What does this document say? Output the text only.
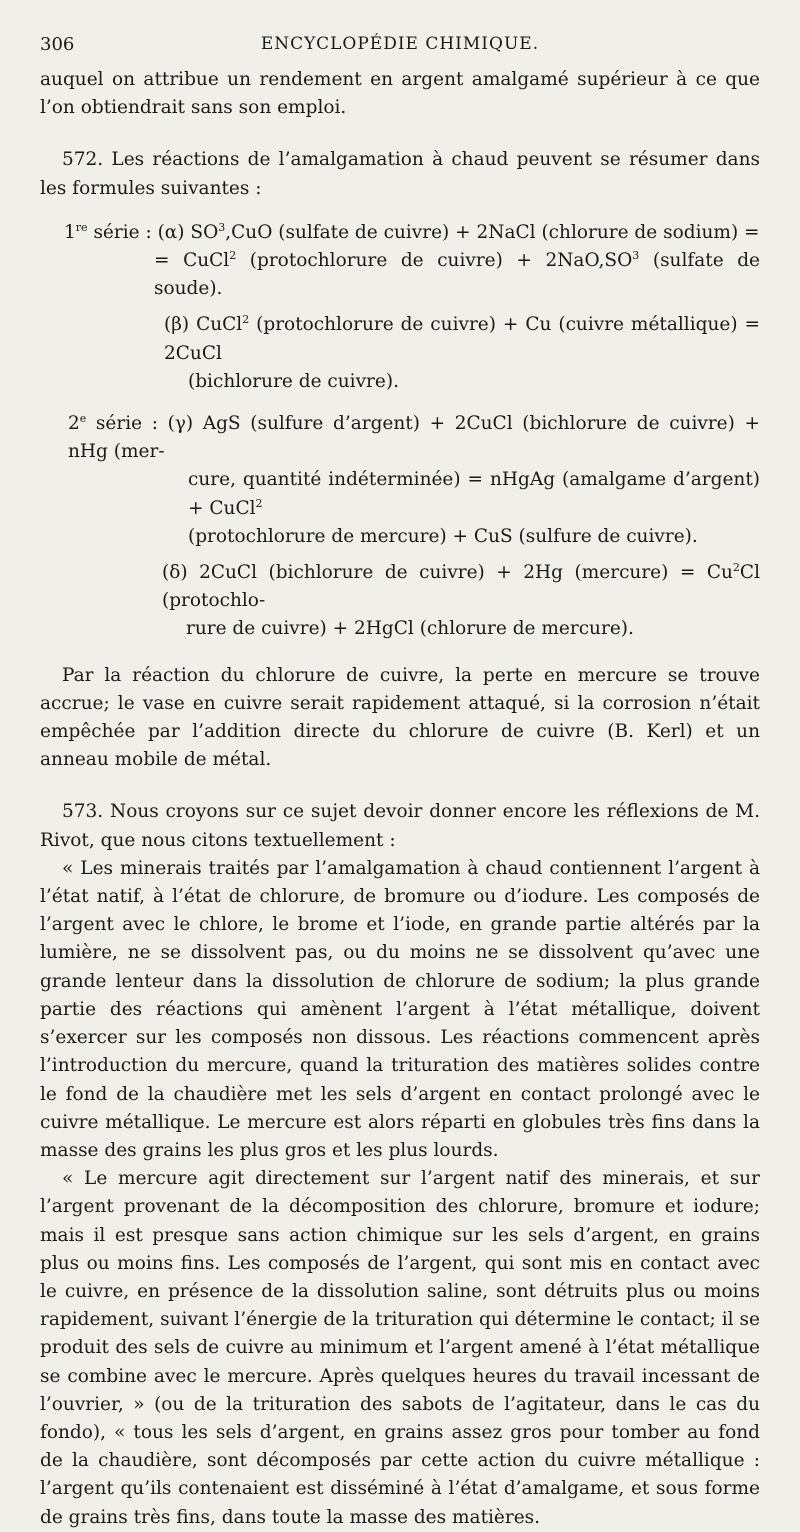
306	ENCYCLOPÉDIE CHIMIQUE.

auquel on attribue un rendement en argent amalgamé supérieur à ce que l’on obtiendrait sans son emploi.

572. Les réactions de l’amalgamation à chaud peuvent se résumer dans les formules suivantes :

1re série : (α) $SO^3,CuO$ (sulfate de cuivre) + 2NaCl (chlorure de sodium) =

= CuCl$^2$ (protochlorure de cuivre) + $2NaO,SO^3$ (sulfate de soude).

(β) CuCl$^2$ (protochlorure de cuivre) + Cu (cuivre métallique) = 2CuCl

(bichlorure de cuivre).

2e série : (γ) AgS (sulfure d’argent) + 2CuCl (bichlorure de cuivre) + nHg (mer-

cure, quantité indéterminée) = nHgAg (amalgame d’argent) + CuCl$^2$

(protochlorure de mercure) + CuS (sulfure de cuivre).

(δ) 2CuCl (bichlorure de cuivre) + 2Hg (mercure) = $Cu^2Cl$ (protochlo-

rure de cuivre) + 2HgCl (chlorure de mercure).

Par la réaction du chlorure de cuivre, la perte en mercure se trouve accrue; le vase en cuivre serait rapidement attaqué, si la corrosion n’était empêchée par l’addition directe du chlorure de cuivre (B. Kerl) et un anneau mobile de métal.

573. Nous croyons sur ce sujet devoir donner encore les réflexions de M. Rivot, que nous citons textuellement :

« Les minerais traités par l’amalgamation à chaud contiennent l’argent à l’état natif, à l’état de chlorure, de bromure ou d’iodure. Les composés de l’argent avec le chlore, le brome et l’iode, en grande partie altérés par la lumière, ne se dissolvent pas, ou du moins ne se dissolvent qu’avec une grande lenteur dans la dissolution de chlorure de sodium; la plus grande partie des réactions qui amènent l’argent à l’état métallique, doivent s’exercer sur les composés non dissous. Les réactions commencent après l’introduction du mercure, quand la trituration des matières solides contre le fond de la chaudière met les sels d’argent en contact prolongé avec le cuivre métallique. Le mercure est alors réparti en globules très fins dans la masse des grains les plus gros et les plus lourds.

« Le mercure agit directement sur l’argent natif des minerais, et sur l’argent provenant de la décomposition des chlorure, bromure et iodure; mais il est presque sans action chimique sur les sels d’argent, en grains plus ou moins fins. Les composés de l’argent, qui sont mis en contact avec le cuivre, en présence de la dissolution saline, sont détruits plus ou moins rapidement, suivant l’énergie de la trituration qui détermine le contact; il se produit des sels de cuivre au minimum et l’argent amené à l’état métallique se combine avec le mercure. Après quelques heures du travail incessant de l’ouvrier, » (ou de la trituration des sabots de l’agitateur, dans le cas du fondo), « tous les sels d’argent, en grains assez gros pour tomber au fond de la chaudière, sont décomposés par cette action du cuivre métallique : l’argent qu’ils contenaient est disséminé à l’état d’amalgame, et sous forme de grains très fins, dans toute la masse des matières.
